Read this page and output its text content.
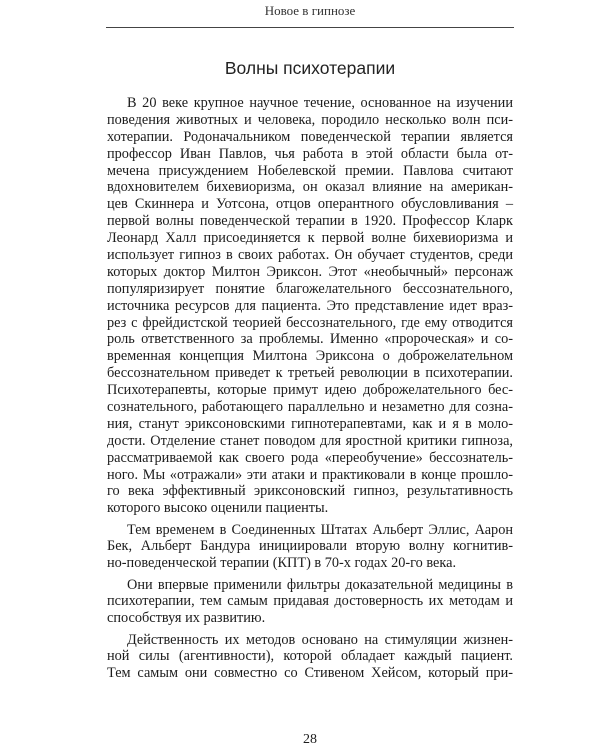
Новое в гипнозе
Волны психотерапии
В 20 веке крупное научное течение, основанное на изучении
поведения животных и человека, породило несколько волн пси-
хотерапии. Родоначальником поведенческой терапии является
профессор Иван Павлов, чья работа в этой области была от-
мечена присуждением Нобелевской премии. Павлова считают
вдохновителем бихевиоризма, он оказал влияние на американ-
цев Скиннера и Уотсона, отцов оперантного обусловливания –
первой волны поведенческой терапии в 1920. Профессор Кларк
Леонард Халл присоединяется к первой волне бихевиоризма и
использует гипноз в своих работах. Он обучает студентов, среди
которых доктор Милтон Эриксон. Этот «необычный» персонаж
популяризирует понятие благожелательного бессознательного,
источника ресурсов для пациента. Это представление идет враз-
рез с фрейдистской теорией бессознательного, где ему отводится
роль ответственного за проблемы. Именно «пророческая» и со-
временная концепция Милтона Эриксона о доброжелательном
бессознательном приведет к третьей революции в психотерапии.
Психотерапевты, которые примут идею доброжелательного бес-
сознательного, работающего параллельно и незаметно для созна-
ния, станут эриксоновскими гипнотерапевтами, как и я в моло-
дости. Отделение станет поводом для яростной критики гипноза,
рассматриваемой как своего рода «переобучение» бессознатель-
ного. Мы «отражали» эти атаки и практиковали в конце прошло-
го века эффективный эриксоновский гипноз, результативность
которого высоко оценили пациенты.
Тем временем в Соединенных Штатах Альберт Эллис, Аарон
Бек, Альберт Бандура инициировали вторую волну когнитив-
но-поведенческой терапии (КПТ) в 70-х годах 20-го века.
Они впервые применили фильтры доказательной медицины в
психотерапии, тем самым придавая достоверность их методам и
способствуя их развитию.
Действенность их методов основано на стимуляции жизнен-
ной силы (агентивности), которой обладает каждый пациент.
Тем самым они совместно со Стивеном Хейсом, который при-
28
